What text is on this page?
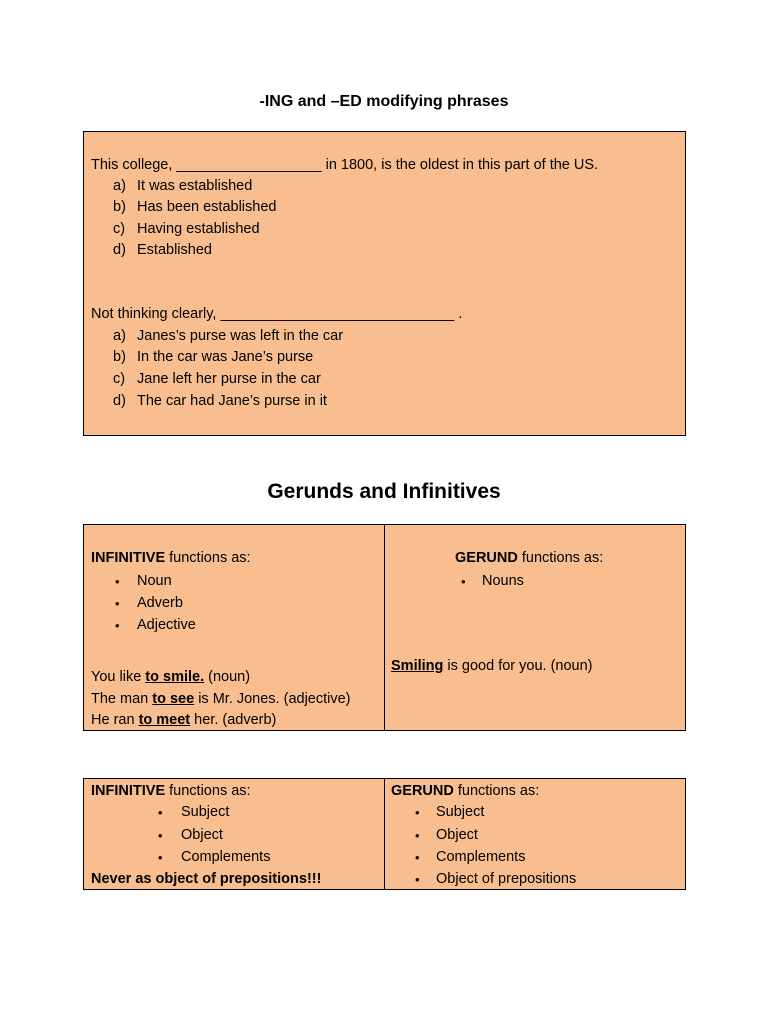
-ING and –ED modifying phrases
This college, __________________ in 1800, is the oldest in this part of the US.
a) It was established
b) Has been established
c) Having established
d) Established
Not thinking clearly, _____________________________ .
a) Janes’s purse was left in the car
b) In the car was Jane’s purse
c) Jane left her purse in the car
d) The car had Jane’s purse in it
Gerunds and Infinitives
INFINITIVE functions as:
• Noun
• Adverb
• Adjective
You like to smile. (noun)
The man to see is Mr. Jones. (adjective)
He ran to meet her. (adverb)
GERUND functions as:
• Nouns
Smiling is good for you. (noun)
INFINITIVE functions as:
• Subject
• Object
• Complements
Never as object of prepositions!!!
GERUND functions as:
• Subject
• Object
• Complements
• Object of prepositions
